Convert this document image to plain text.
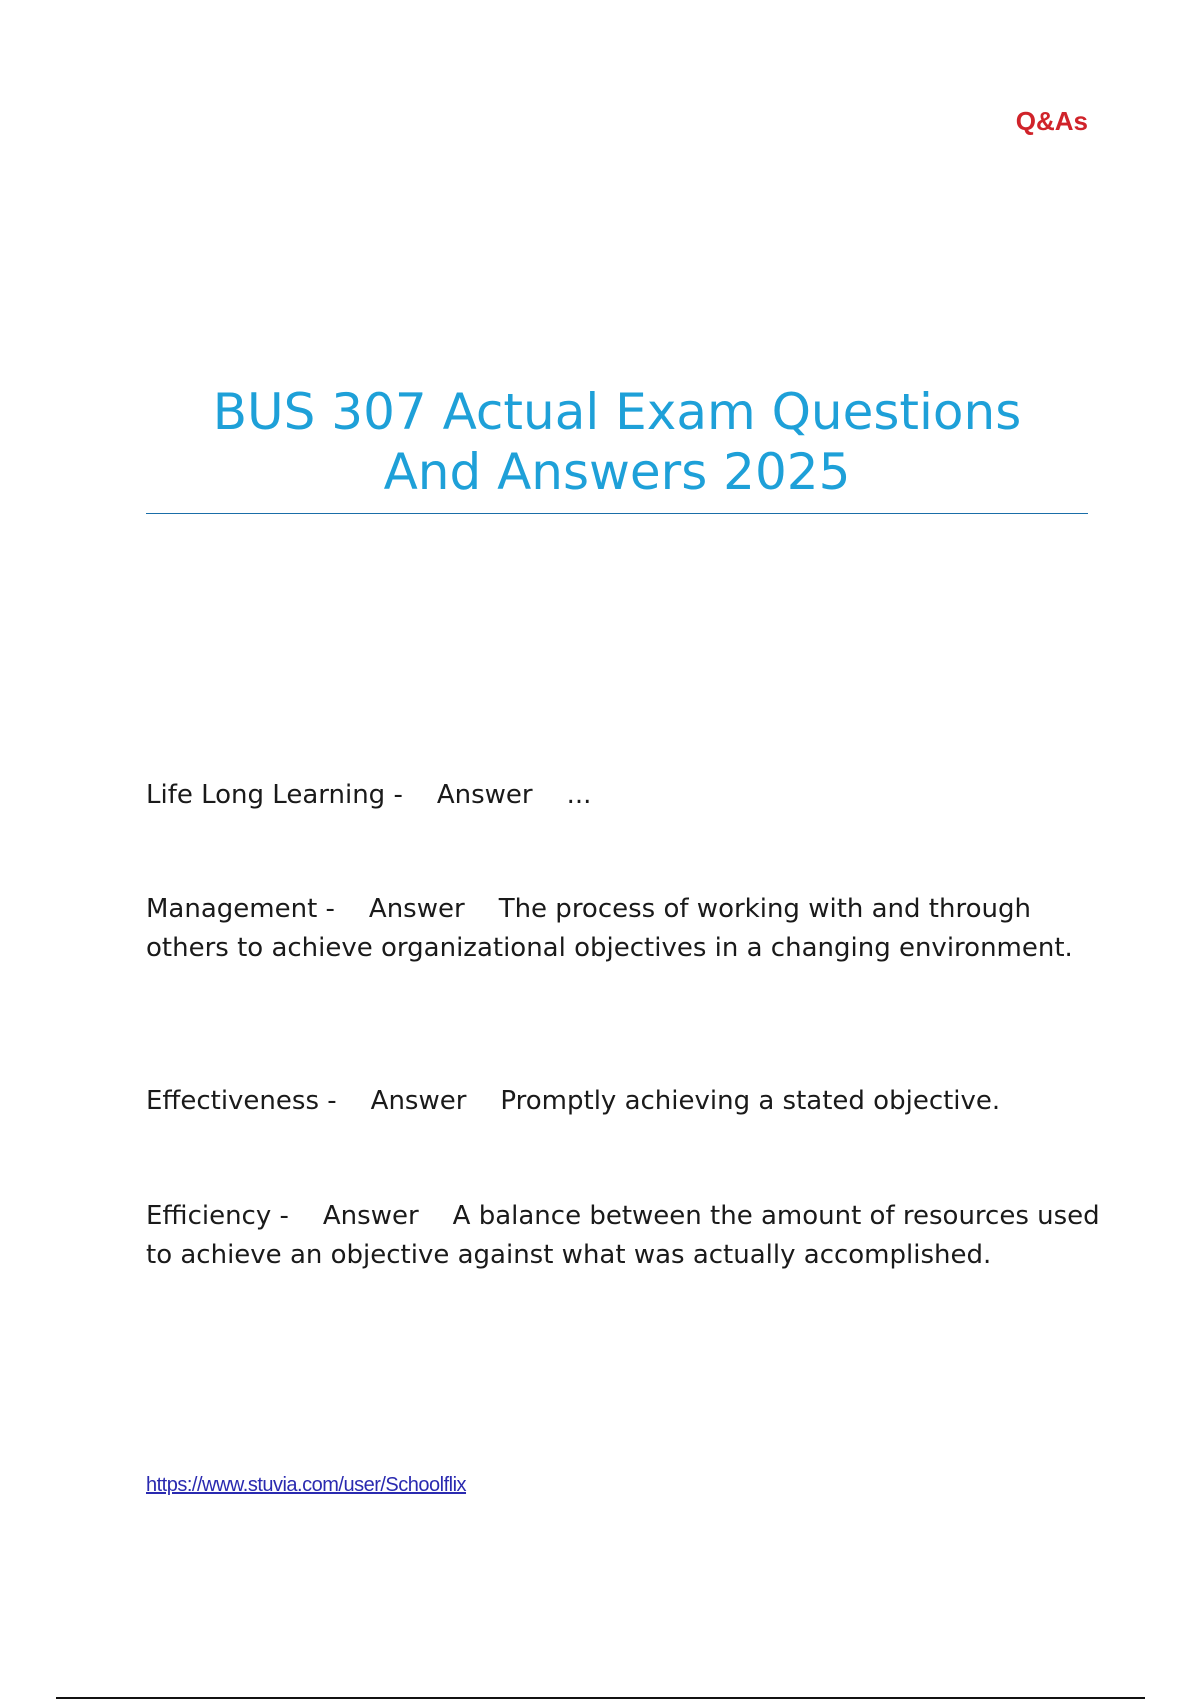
Q&As
BUS 307 Actual Exam Questions
And Answers 2025
Life Long Learning - Answer ...
Management - Answer The process of working with and through others to achieve organizational objectives in a changing environment.
Effectiveness - Answer Promptly achieving a stated objective.
Efficiency - Answer A balance between the amount of resources used to achieve an objective against what was actually accomplished.
https://www.stuvia.com/user/Schoolflix
